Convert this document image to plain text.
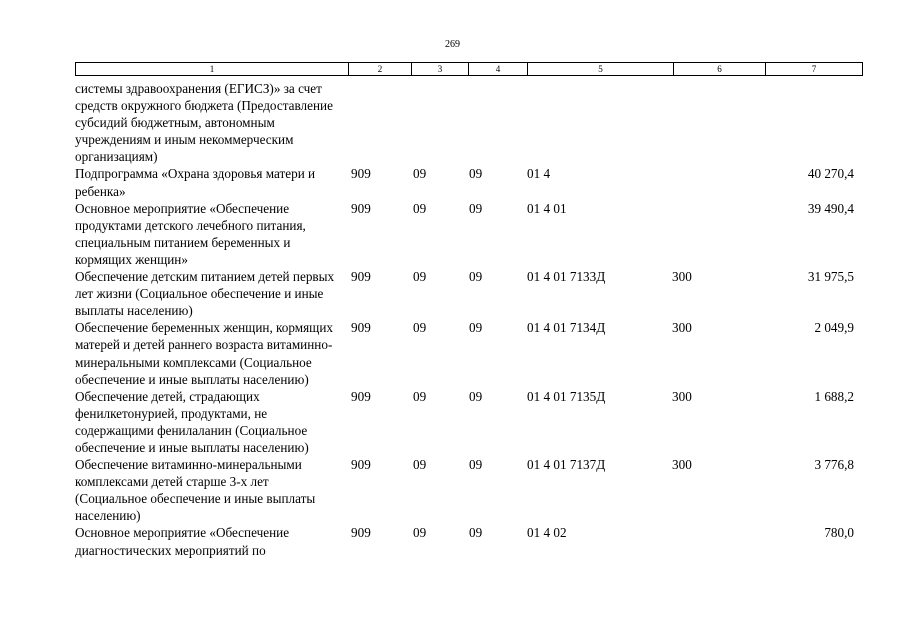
269
1	2	3	4	5	6	7
системы здравоохранения (ЕГИСЗ)» за счет средств окружного бюджета (Предоставление субсидий бюджетным, автономным учреждениям и иным некоммерческим организациям)						
Подпрограмма «Охрана здоровья матери и ребенка»	909	09	09	01 4		40 270,4
Основное мероприятие «Обеспечение продуктами детского лечебного питания, специальным питанием беременных и кормящих женщин»	909	09	09	01 4 01		39 490,4
Обеспечение детским питанием детей первых лет жизни (Социальное обеспечение и иные выплаты населению)	909	09	09	01 4 01 7133Д	300	31 975,5
Обеспечение беременных женщин, кормящих матерей и детей раннего возраста витаминно-минеральными комплексами (Социальное обеспечение и иные выплаты населению)	909	09	09	01 4 01 7134Д	300	2 049,9
Обеспечение детей, страдающих фенилкетонурией, продуктами, не содержащими фенилаланин (Социальное обеспечение и иные выплаты населению)	909	09	09	01 4 01 7135Д	300	1 688,2
Обеспечение витаминно-минеральными комплексами детей старше 3-х лет (Социальное обеспечение и иные выплаты населению)	909	09	09	01 4 01 7137Д	300	3 776,8
Основное мероприятие «Обеспечение диагностических мероприятий по	909	09	09	01 4 02		780,0
